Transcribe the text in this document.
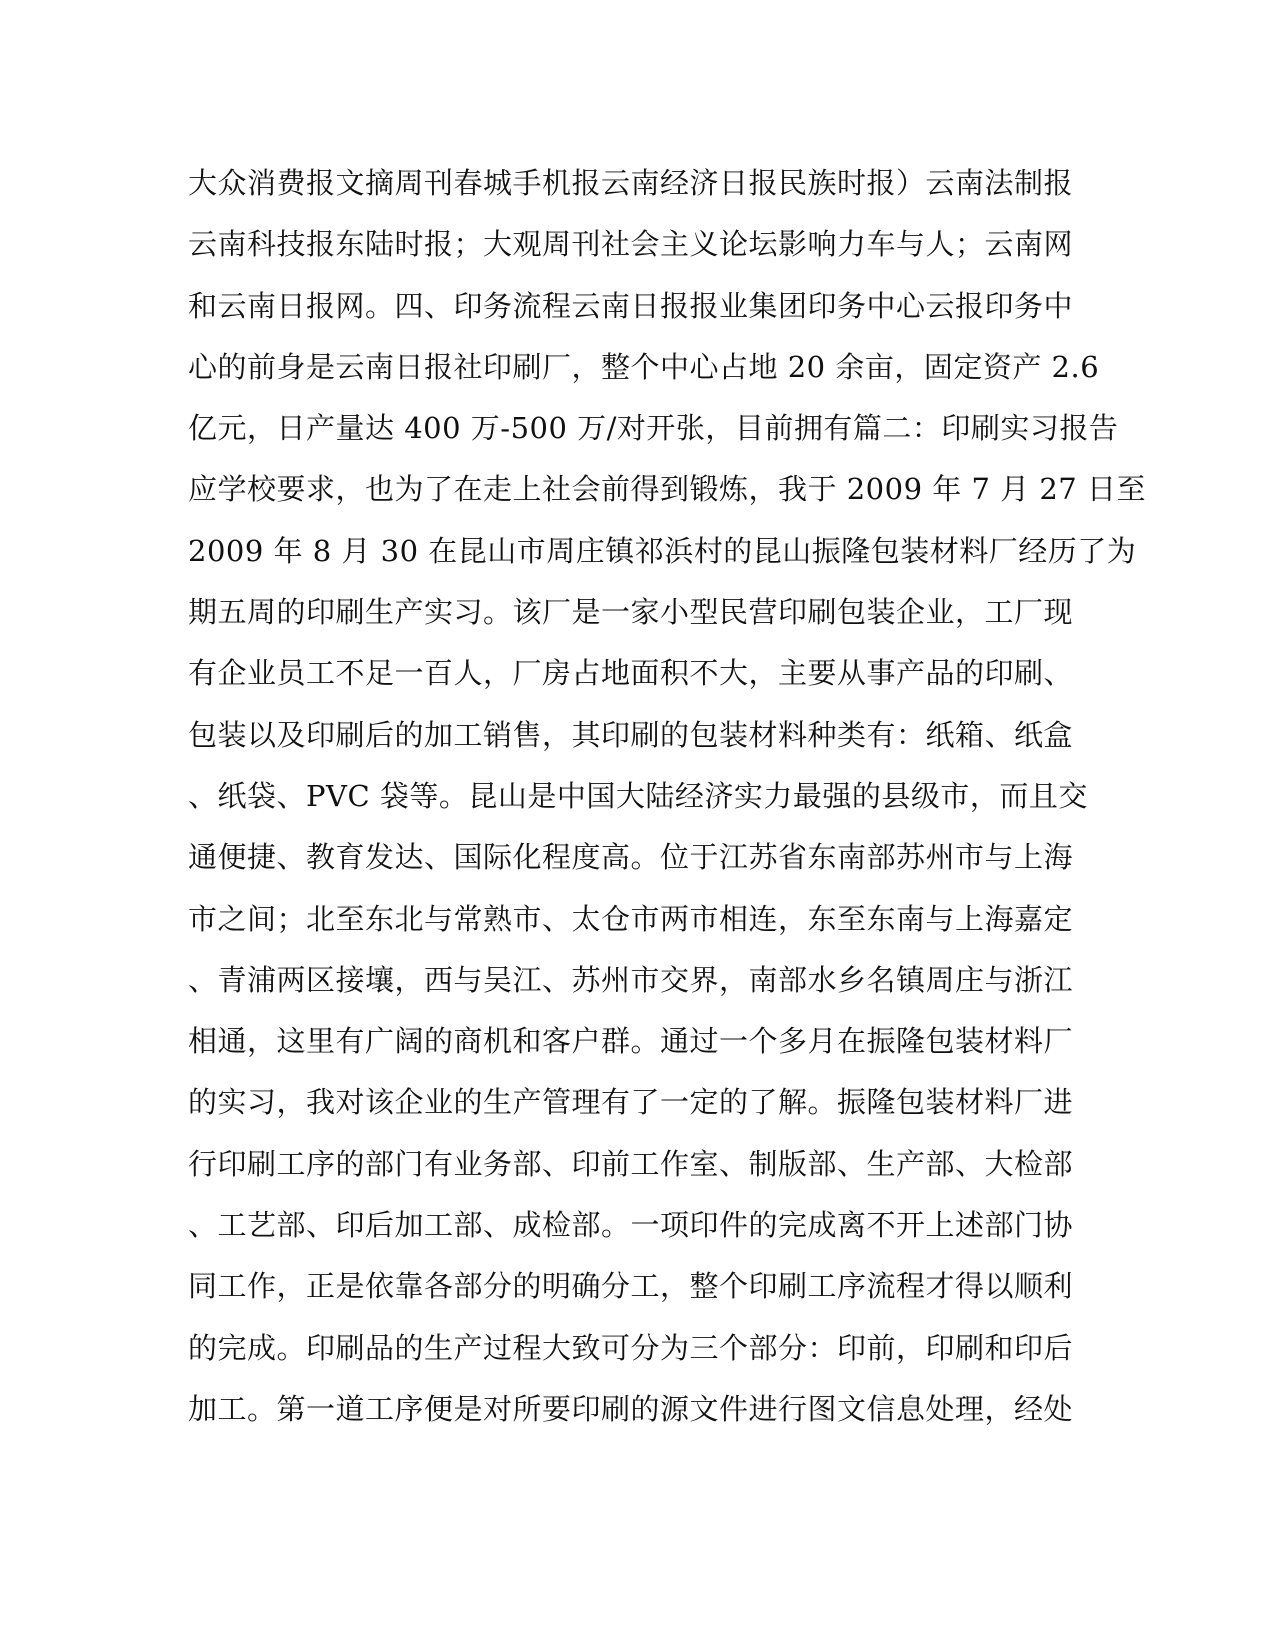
大众消费报文摘周刊春城手机报云南经济日报民族时报）云南法制报
云南科技报东陆时报；大观周刊社会主义论坛影响力车与人；云南网
和云南日报网。四、印务流程云南日报报业集团印务中心云报印务中
心的前身是云南日报社印刷厂，整个中心占地 20 余亩，固定资产 2.6
亿元，日产量达 400 万-500 万/对开张，目前拥有篇二：印刷实习报告
应学校要求，也为了在走上社会前得到锻炼，我于 2009 年 7 月 27 日至
2009 年 8 月 30 在昆山市周庄镇祁浜村的昆山振隆包装材料厂经历了为
期五周的印刷生产实习。该厂是一家小型民营印刷包装企业，工厂现
有企业员工不足一百人，厂房占地面积不大，主要从事产品的印刷、
包装以及印刷后的加工销售，其印刷的包装材料种类有：纸箱、纸盒
、纸袋、PVC 袋等。昆山是中国大陆经济实力最强的县级市，而且交
通便捷、教育发达、国际化程度高。位于江苏省东南部苏州市与上海
市之间；北至东北与常熟市、太仓市两市相连，东至东南与上海嘉定
、青浦两区接壤，西与吴江、苏州市交界，南部水乡名镇周庄与浙江
相通，这里有广阔的商机和客户群。通过一个多月在振隆包装材料厂
的实习，我对该企业的生产管理有了一定的了解。振隆包装材料厂进
行印刷工序的部门有业务部、印前工作室、制版部、生产部、大检部
、工艺部、印后加工部、成检部。一项印件的完成离不开上述部门协
同工作，正是依靠各部分的明确分工，整个印刷工序流程才得以顺利
的完成。印刷品的生产过程大致可分为三个部分：印前，印刷和印后
加工。第一道工序便是对所要印刷的源文件进行图文信息处理，经处
